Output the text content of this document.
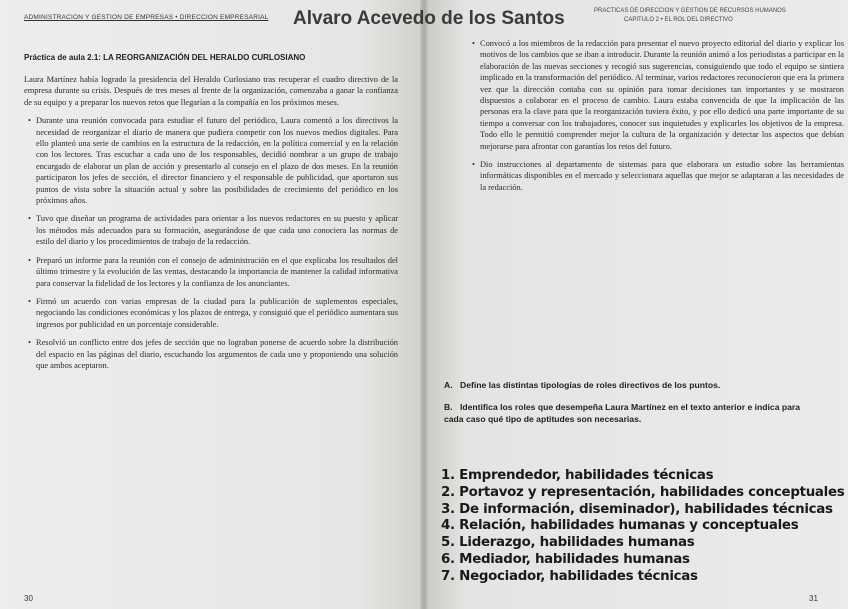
ADMINISTRACION Y GESTION DE EMPRESAS • DIRECCION EMPRESARIAL
Práctica de aula 2.1: LA REORGANIZACIÓN DEL HERALDO CURLOSIANO

Laura Martínez había logrado la presidencia del Heraldo Curlosiano tras recuperar el cuadro directivo de la empresa durante su crisis. Después de tres meses al frente de la organización, comenzaba a ganar la confianza de su equipo y a preparar los nuevos retos que llegarían a la compañía en los próximos meses.

• Durante una reunión convocada para estudiar el futuro del periódico, Laura comentó a los directivos la necesidad de reorganizar el diario de manera que pudiera competir con los nuevos medios digitales. Para ello planteó una serie de cambios en la estructura de la redacción, en la política comercial y en la relación con los lectores. Tras escuchar a cada uno de los responsables, decidió nombrar a un grupo de trabajo encargado de elaborar un plan de acción y presentarlo al consejo en el plazo de dos meses. En la reunión participaron los jefes de sección, el director financiero y el responsable de publicidad, que aportaron sus puntos de vista sobre la situación actual y sobre las posibilidades de crecimiento del periódico en los próximos años.

• Tuvo que diseñar un programa de actividades para orientar a los nuevos redactores en su puesto y aplicar los métodos más adecuados para su formación, asegurándose de que cada uno conociera las normas de estilo del diario y los procedimientos de trabajo de la redacción.

• Preparó un informe para la reunión con el consejo de administración en el que explicaba los resultados del último trimestre y la evolución de las ventas, destacando la importancia de mantener la calidad informativa para conservar la fidelidad de los lectores y la confianza de los anunciantes.

• Firmó un acuerdo con varias empresas de la ciudad para la publicación de suplementos especiales, negociando las condiciones económicas y los plazos de entrega, y consiguió que el periódico aumentara sus ingresos por publicidad en un porcentaje considerable.

• Resolvió un conflicto entre dos jefes de sección que no lograban ponerse de acuerdo sobre la distribución del espacio en las páginas del diario, escuchando los argumentos de cada uno y proponiendo una solución que ambos aceptaron.

30
PRACTICAS DE DIRECCION Y GESTION DE RECURSOS HUMANOS
CAPITULO 2 • EL ROL DEL DIRECTIVO

• Convocó a los miembros de la redacción para presentar el nuevo proyecto editorial del diario y explicar los motivos de los cambios que se iban a introducir. Durante la reunión animó a los periodistas a participar en la elaboración de las nuevas secciones y recogió sus sugerencias, consiguiendo que todo el equipo se sintiera implicado en la transformación del periódico. Al terminar, varios redactores reconocieron que era la primera vez que la dirección contaba con su opinión para tomar decisiones tan importantes y se mostraron dispuestos a colaborar en el proceso de cambio. Laura estaba convencida de que la implicación de las personas era la clave para que la reorganización tuviera éxito, y por ello dedicó una parte importante de su tiempo a conversar con los trabajadores, conocer sus inquietudes y explicarles los objetivos de la empresa. Todo ello le permitió comprender mejor la cultura de la organización y detectar los aspectos que debían mejorarse para afrontar con garantías los retos del futuro.

• Dio instrucciones al departamento de sistemas para que elaborara un estudio sobre las herramientas informáticas disponibles en el mercado y seleccionara aquellas que mejor se adaptaran a las necesidades de la redacción.

31
Alvaro Acevedo de los Santos
A. Define las distintas tipologías de roles directivos de los puntos.
B. Identifica los roles que desempeña Laura Martínez en el texto anterior e indica para cada caso qué tipo de aptitudes son necesarias.
1. Emprendedor, habilidades técnicas
2. Portavoz y representación, habilidades conceptuales
3. De información, diseminador), habilidades técnicas
4. Relación, habilidades humanas y conceptuales
5. Liderazgo, habilidades humanas
6. Mediador, habilidades humanas
7. Negociador, habilidades técnicas
